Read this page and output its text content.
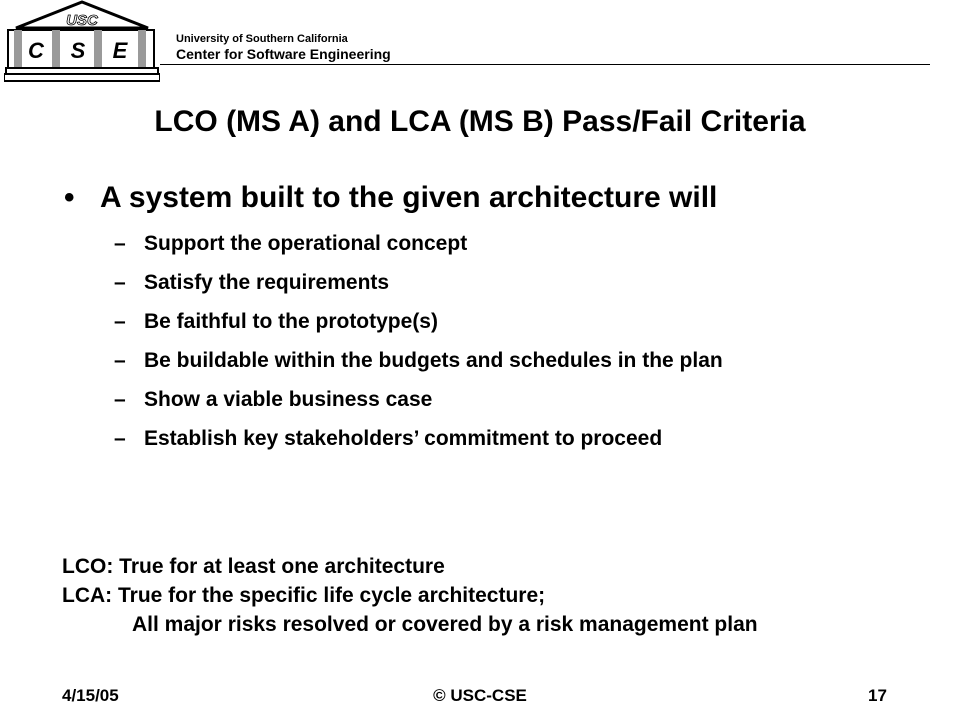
USC
C S E	University of Southern California
Center for Software Engineering
LCO (MS A) and LCA (MS B) Pass/Fail Criteria
• A system built to the given architecture will
– Support the operational concept
– Satisfy the requirements
– Be faithful to the prototype(s)
– Be buildable within the budgets and schedules in the plan
– Show a viable business case
– Establish key stakeholders’ commitment to proceed
LCO: True for at least one architecture
LCA: True for the specific life cycle architecture;
All major risks resolved or covered by a risk management plan
4/15/05	© USC-CSE	17
